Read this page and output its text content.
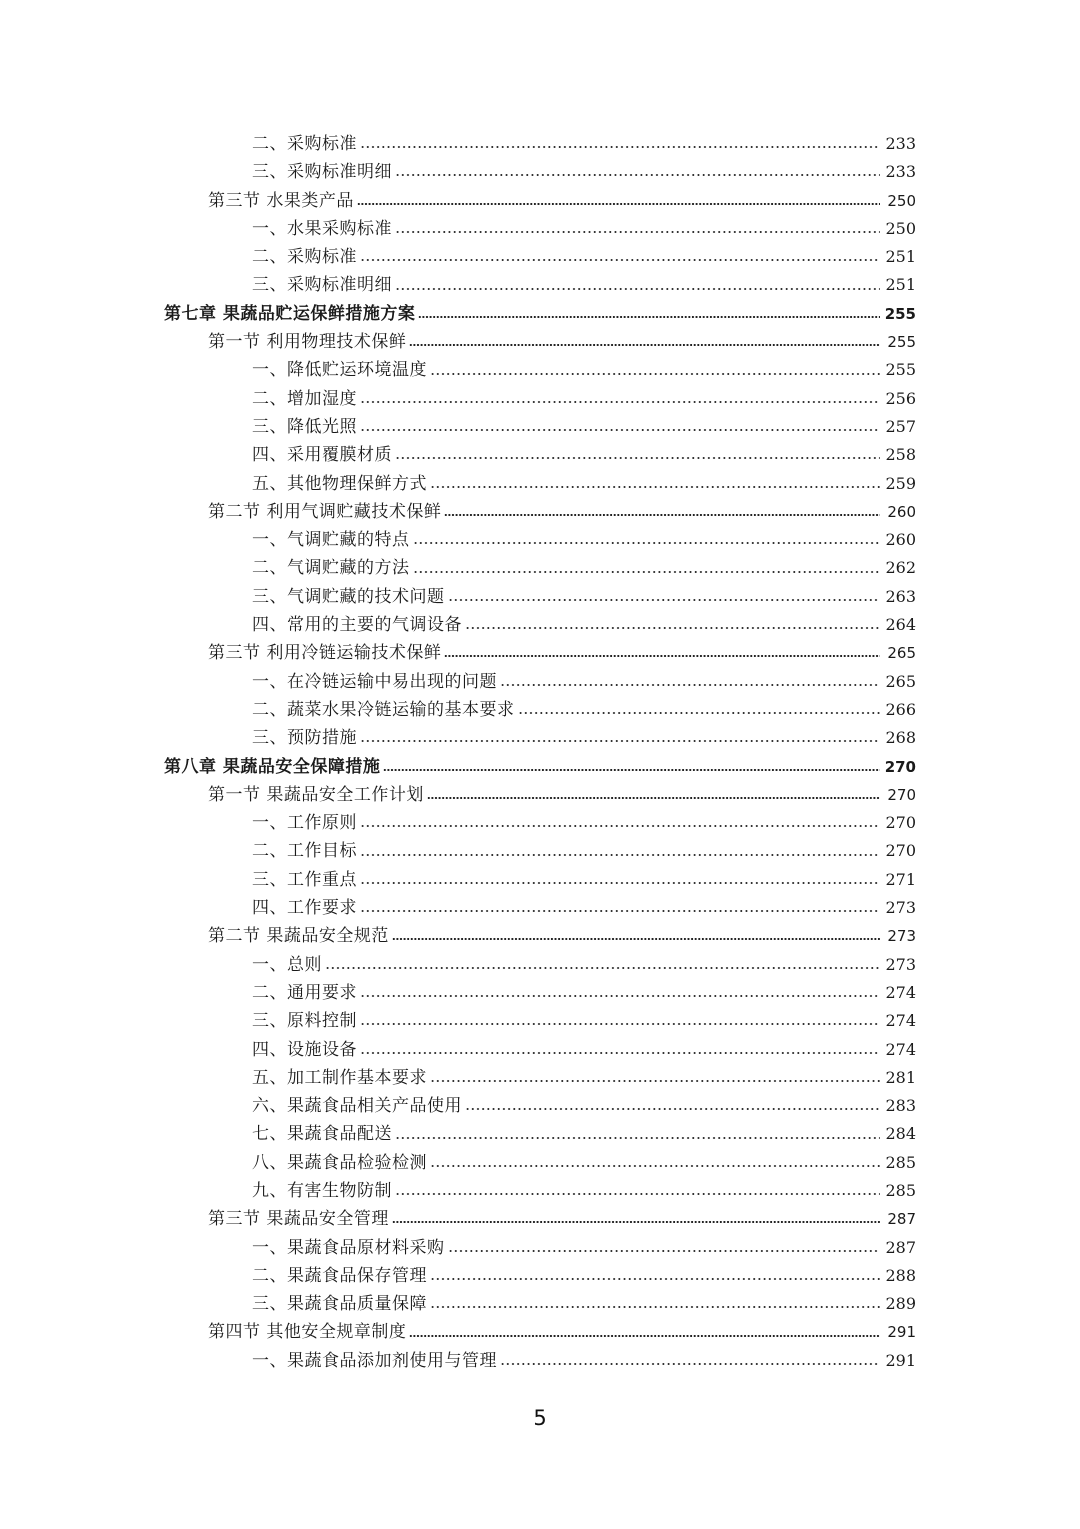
二、采购标准	233
三、采购标准明细	233
第三节 水果类产品	250
一、水果采购标准	250
二、采购标准	251
三、采购标准明细	251
第七章 果蔬品贮运保鲜措施方案	255
第一节 利用物理技术保鲜	255
一、降低贮运环境温度	255
二、增加湿度	256
三、降低光照	257
四、采用覆膜材质	258
五、其他物理保鲜方式	259
第二节 利用气调贮藏技术保鲜	260
一、气调贮藏的特点	260
二、气调贮藏的方法	262
三、气调贮藏的技术问题	263
四、常用的主要的气调设备	264
第三节 利用冷链运输技术保鲜	265
一、在冷链运输中易出现的问题	265
二、蔬菜水果冷链运输的基本要求	266
三、预防措施	268
第八章 果蔬品安全保障措施	270
第一节 果蔬品安全工作计划	270
一、工作原则	270
二、工作目标	270
三、工作重点	271
四、工作要求	273
第二节 果蔬品安全规范	273
一、总则	273
二、通用要求	274
三、原料控制	274
四、设施设备	274
五、加工制作基本要求	281
六、果蔬食品相关产品使用	283
七、果蔬食品配送	284
八、果蔬食品检验检测	285
九、有害生物防制	285
第三节 果蔬品安全管理	287
一、果蔬食品原材料采购	287
二、果蔬食品保存管理	288
三、果蔬食品质量保障	289
第四节 其他安全规章制度	291
一、果蔬食品添加剂使用与管理	291
5
